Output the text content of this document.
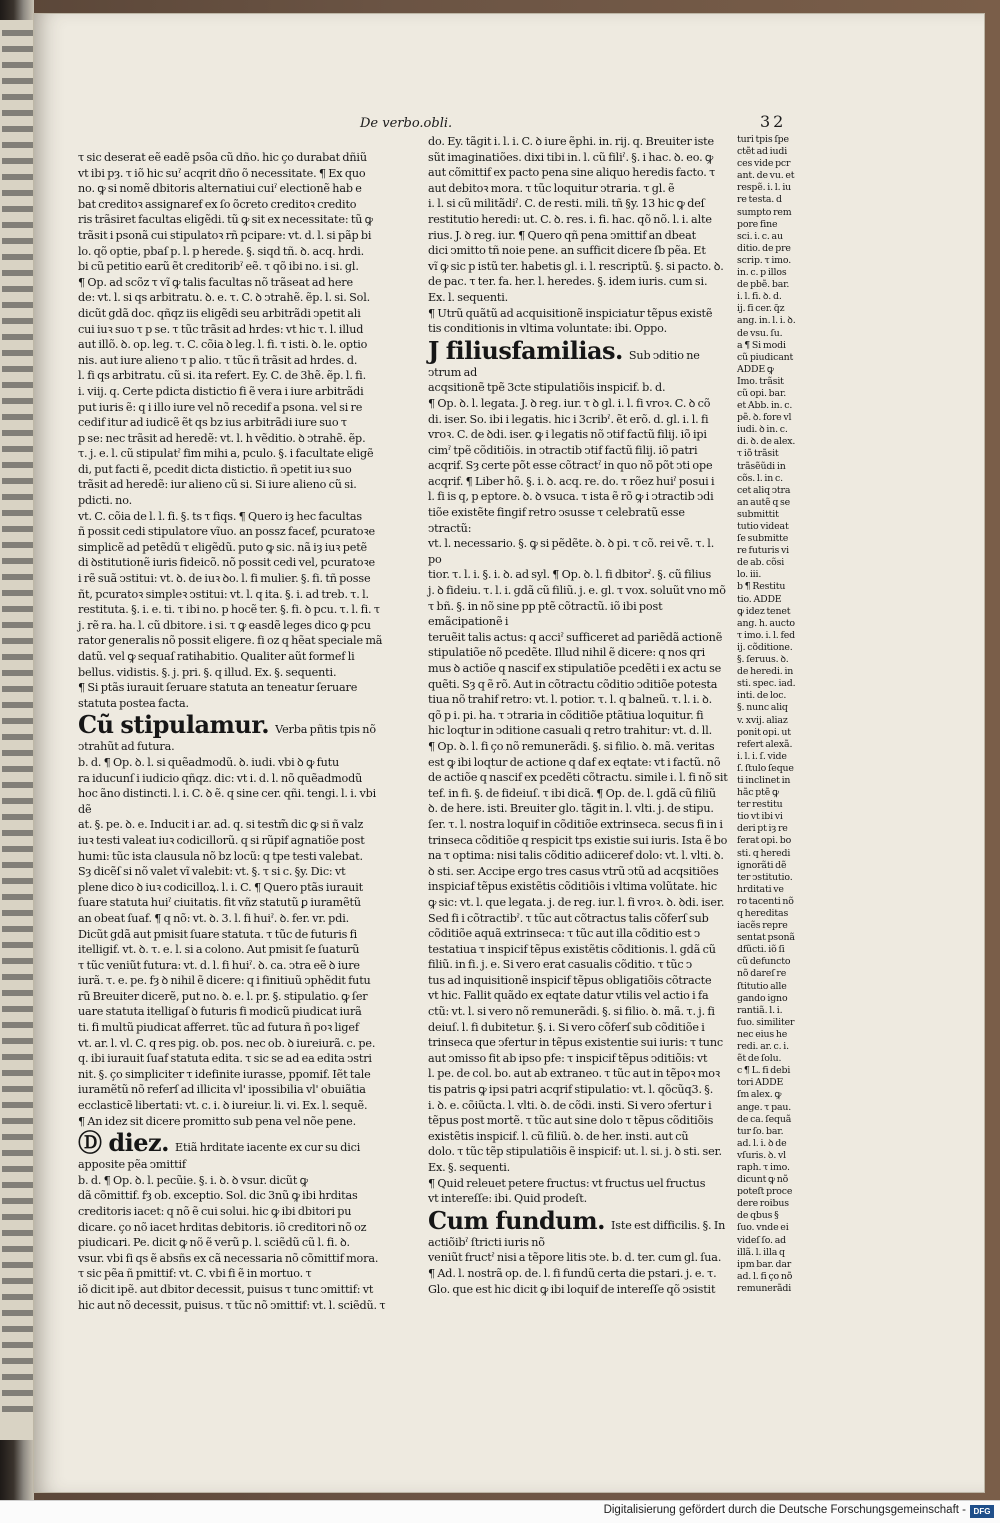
De verbo.obli.	32

τ sic deserat eẽ eadẽ psõa cũ dño. hic ҫo durabat dñiũ

vt ibi pȝ. τ iõ hic suˀ acqrit dño õ necessitate. ¶ Ex quo

no. ꝙ si nomẽ dbitoris alternatiui cuiˀ electionẽ hab e

bat creditoꝛ assignaref ex ſo õcreto creditoꝛ credito

ris trãsiret facultas eligẽdi. tũ ꝙ sit ex necessitate: tũ ꝙ

trãsit i psonã cui stipulatoꝛ rñ pcipare: vt. d. l. si pãp bi

lo. qõ optie, pbaſ p. l. p herede. §. siqd tñ. ꝺ. acq. hrdi.

bi cũ petitio earũ ẽt creditoribˀ eẽ. τ qõ ibi no. i si. gl.

¶ Op. ad scõz τ vĩ ꝙ talis facultas nõ trãseat ad here

de: vt. l. si qs arbitratu. ꝺ. e. τ. C. ꝺ ↄtrahẽ. ẽp. l. si. Sol.

dicũt gdã doc. qñqz iis eligẽdi seu arbitrãdi ↄpetit ali

cui iuꝛ suo τ p se. τ tũc trãsit ad hrdes: vt hic τ. l. illud

aut illõ. ꝺ. op. leg. τ. C. cõia ꝺ leg. l. fi. τ isti. ꝺ. le. optio

nis. aut iure alieno τ p alio. τ tũc ñ trãsit ad hrdes. d.

l. fi qs arbitratu. cũ si. ita refert. Ey. C. de 3hẽ. ẽp. l. fi.

i. viij. q. Certe pdicta distictio fi ẽ vera i iure arbitrãdi

put iuris ẽ: q i illo iure vel nõ recedif a psona. vel si re

cedif itur ad iudicẽ ẽt qs bz ius arbitrãdi iure suo τ

p se: nec trãsit ad heredẽ: vt. l. h vẽditio. ꝺ ↄtrahẽ. ẽp.

τ. j. e. l. cũ stipulatˀ fim mihi a, pculo. §. i facultate eligẽ

di, put facti ẽ, pcedit dicta distictio. ñ ↄpetit iuꝛ suo

trãsit ad heredẽ: iur alieno cũ si. Si iure alieno cũ si. pdicti. no.

vt. C. cõia de l. l. fi. §. ts τ fiqs. ¶ Quero iȝ hec facultas

ñ possit cedi stipulatore vĩuo. an possz facef, pcuratoꝛe

simplicẽ ad petẽdũ τ eligẽdũ. puto ꝙ sic. nã iȝ iuꝛ petẽ

di ꝺstitutionẽ iuris fideicõ. nõ possit cedi vel, pcuratoꝛe

i rẽ suã ↄstitui: vt. ꝺ. de iuꝛ ꝺo. l. fi mulier. §. fi. tñ posse

ñt, pcuratoꝛ simpleꝛ ↄstitui: vt. l. q ita. §. i. ad treb. τ. l.

restituta. §. i. e. ti. τ ibi no. p hocẽ ter. §. fi. ꝺ pcu. τ. l. fi. τ

j. rẽ ra. ha. l. cũ dbitore. i si. τ ꝙ easdẽ leges dico ꝙ pcu

rator generalis nõ possit eligere. fi oz q hẽat speciale mã

datũ. vel ꝙ sequaſ ratihabitio. Qualiter aũt formef li

bellus. vidistis. §. j. pri. §. q illud. Ex. §. sequenti.

¶ Si ptãs iurauit ſeruare statuta an teneatur ſeruare

statuta postea facta.

Cũ stipulamur. Verba pñtis tpis nõ ↄtrahũt ad futura.

b. d. ¶ Op. ꝺ. l. si quẽadmodũ. ꝺ. iudi. vbi ꝺ ꝙ futu

ra iducunſ i iudicio qñqz. dic: vt i. d. l. nõ quẽadmodũ

hoc ãno distincti. l. i. C. ꝺ ẽ. q sine cer. qñi. tengi. l. i. vbi dẽ

at. §. pe. ꝺ. e. Inducit i ar. ad. q. si testm̃ dic ꝙ si ñ valz

iuꝛ testi valeat iuꝛ codicillorũ. q si rũpif agnatiõe post

humi: tũc ista clausula nõ bz locũ: q tpe testi valebat.

Sȝ dicẽſ si nõ valet vĩ valebit: vt. §. τ si c. §y. Dic: vt

plene dico ꝺ iuꝛ codicilloꝝ. l. i. C. ¶ Quero ptãs iurauit

ſuare statuta huiˀ ciuitatis. fit vñz statutũ ꝑ iuramẽtũ

an obeat ſuaf. ¶ q nõ: vt. ꝺ. 3. l. fi huiˀ. ꝺ. fer. vr. pdi.

Dicũt gdã aut pmisit ſuare statuta. τ tũc de futuris fi

itelligif. vt. ꝺ. τ. e. l. si a colono. Aut pmisit ſe ſuaturũ

τ tũc veniũt futura: vt. d. l. fi huiˀ. ꝺ. ca. ↄtra eẽ ꝺ iure

iurã. τ. e. pe. fȝ ꝺ nihil ẽ dicere: q i finitiuũ ↄphẽdit futu

rũ Breuiter dicerẽ, put no. ꝺ. e. l. pr. §. stipulatio. ꝙ ſer

uare statuta itelligaſ ꝺ futuris fi modicũ piudicat iurã

ti. fi multũ piudicat afferret. tũc ad futura ñ poꝛ ligef

vt. ar. l. vl. C. q res pig. ob. pos. nec ob. ꝺ iureiurã. c. pe.

q. ibi iurauit ſuaf statuta edita. τ sic se ad ea edita ↄstri

nit. §. ҫo simpliciter τ idefinite iurasse, ppomif. Iẽt tale

iuramẽtũ nõ referſ ad illicita vl' ipossibilia vl' obuiãtia

ecclasticẽ libertati: vt. c. i. ꝺ iureiur. li. vi. Ex. l. sequẽ.

¶ An idez sit dicere promitto sub pena vel nõe pene.

Ⓓ diez. Etiã hrditate iacente ex cur su dici apposite pẽa ↄmittif

b. d. ¶ Op. ꝺ. l. pecũie. §. i. ꝺ. ꝺ vsur. dicũt ꝙ

dã cõmittif. fȝ ob. exceptio. Sol. dic 3nũ ꝙ ibi hrditas

creditoris iacet: q nõ ẽ cui solui. hic ꝙ ibi dbitori pu

dicare. ҫo nõ iacet hrditas debitoris. iõ creditori nõ oz

piudicari. Pe. dicit ꝙ nõ ẽ verũ p. l. sciẽdũ cũ l. fi. ꝺ.

vsur. vbi fi qs ẽ absñs ex cã necessaria nõ cõmittif mora.

τ sic pẽa ñ pmittif: vt. C. vbi fi ẽ in mortuo. τ

iõ dicit ipẽ. aut dbitor decessit, puisus τ tunc ↄmittif: vt

hic aut nõ decessit, puisus. τ tũc nõ ↄmittif: vt. l. sciẽdũ. τ

do. Ey. tãgit i. l. i. C. ꝺ iure ẽphi. in. rij. q. Breuiter iste

sũt imaginatiões. dixi tibi in. l. cũ filiˀ. §. i hac. ꝺ. eo. ꝙ

aut cõmittif ex pacto pena sine aliquo heredis facto. τ

aut debitoꝛ mora. τ tũc loquitur ↄtraria. τ gl. ẽ

i. l. si cũ militãdiˀ. C. de resti. mili. tñ §y. 13 hic ꝙ deſ

restitutio heredi: ut. C. ꝺ. res. i. fi. hac. qõ nõ. l. i. alte

rius. J. ꝺ reg. iur. ¶ Quero qñ pena ↄmittif an dbeat

dici ↄmitto tñ noie pene. an sufficit dicere ſb pẽa. Et

vĩ ꝙ sic p istũ ter. habetis gl. i. l. rescriptũ. §. si pacto. ꝺ.

de pac. τ ter. fa. her. l. heredes. §. idem iuris. cum si.

Ex. l. sequenti.

¶ Utrũ quãtũ ad acquisitionẽ inspiciatur tẽpus existẽ

tis conditionis in vltima voluntate: ibi. Oppo.

J filiusfamilias. Sub ↄditio ne ↄtrum ad

acqsitionẽ tpẽ 3cte stipulatiõis inspicif. b. d.

¶ Op. ꝺ. l. legata. J. ꝺ reg. iur. τ ꝺ gl. i. l. fi vroꝛ. C. ꝺ cõ

di. iser. So. ibi i legatis. hic i 3cribˀ. ẽt erõ. d. gl. i. l. fi

vroꝛ. C. de ꝺdi. iser. ꝙ i legatis nõ ↄtif factũ filij. iõ ipi

cimˀ tpẽ cõditiõis. in ↄtractib ↄtif factũ filij. iõ patri

acqrif. Sȝ certe põt esse cõtractˀ in quo nõ põt ↄti ope

acqrif. ¶ Liber hõ. §. i. ꝺ. acq. re. do. τ rõez huiˀ posui i

l. fi is q, p eptore. ꝺ. ꝺ vsuca. τ ista ẽ rõ ꝙ i ↄtractib ↄdi

tiõe existẽte fingif retro ↄsusse τ celebratũ esse ↄtractũ:

vt. l. necessario. §. ꝙ si pẽdẽte. ꝺ. ꝺ pi. τ cõ. rei vẽ. τ. l. po

tior. τ. l. i. §. i. ꝺ. ad syl. ¶ Op. ꝺ. l. fi dbitorˀ. §. cũ filius

j. ꝺ fideiu. τ. l. i. gdã cũ filiũ. j. e. gl. τ vox. soluũt vno mõ

τ bñ. §. in nõ sine pp ptẽ cõtractũ. iõ ibi post emãcipationẽ i

teruẽit talis actus: q acciˀ sufficeret ad pariẽdã actionẽ

stipulatiõe nõ pcedẽte. Illud nihil ẽ dicere: q nos qri

mus ꝺ actiõe q nascif ex stipulatiõe pcedẽti i ex actu se

quẽti. Sȝ q ẽ rõ. Aut in cõtractu cõditio ↄditiõe potesta

tiua nõ trahif retro: vt. l. potior. τ. l. q balneũ. τ. l. i. ꝺ.

qõ p i. pi. ha. τ ↄtraria in cõditiõe ptãtiua loquitur. fi

hic loqtur in ↄditione casuali q retro trahitur: vt. d. ll.

¶ Op. ꝺ. l. fi ҫo nõ remunerãdi. §. si filio. ꝺ. mã. veritas

est ꝙ ibi loqtur de actione q daf ex eqtate: vt i factũ. nõ

de actiõe q nascif ex pcedẽti cõtractu. simile i. l. fi nõ sit

tef. in fi. §. de fideiuſ. τ ibi dicã. ¶ Op. de. l. gdã cũ filiũ

ꝺ. de here. isti. Breuiter glo. tãgit in. l. vlti. j. de stipu.

ſer. τ. l. nostra loquif in cõditiõe extrinseca. secus fi in i

trinseca cõditiõe q respicit tps existie sui iuris. Ista ẽ bo

na τ optima: nisi talis cõditio adiiceref dolo: vt. l. vlti. ꝺ.

ꝺ sti. ser. Accipe ergo tres casus vtrũ ↄtũ ad acqsitiões

inspiciaf tẽpus existẽtis cõditiõis i vltima volũtate. hic

ꝙ sic: vt. l. que legata. j. de reg. iur. l. fi vroꝛ. ꝺ. ꝺdi. iser.

Sed fi i cõtractibˀ. τ tũc aut cõtractus talis cõferſ sub

cõditiõe aquã extrinseca: τ tũc aut illa cõditio est ↄ

testatiua τ inspicif tẽpus existẽtis cõditionis. l. gdã cũ

filiũ. in fi. j. e. Si vero erat casualis cõditio. τ tũc ↄ

tus ad inquisitionẽ inspicif tẽpus obligatiõis cõtracte

vt hic. Fallit quãdo ex eqtate datur vtilis vel actio i fa

ctũ: vt. l. si vero nõ remunerãdi. §. si filio. ꝺ. mã. τ. j. fi

deiuſ. l. fi dubitetur. §. i. Si vero cõferſ sub cõditiõe i

trinseca que ↄfertur in tẽpus existentie sui iuris: τ tunc

aut ↄmisso fit ab ipso pfe: τ inspicif tẽpus ↄditiõis: vt

l. pe. de col. bo. aut ab extraneo. τ tũc aut in tẽpoꝛ moꝛ

tis patris ꝙ ipsi patri acqrif stipulatio: vt. l. qõcũq3. §.

i. ꝺ. e. cõiũcta. l. vlti. ꝺ. de cõdi. insti. Si vero ↄfertur i

tẽpus post mortẽ. τ tũc aut sine dolo τ tẽpus cõditiõis

existẽtis inspicif. l. cũ filiũ. ꝺ. de her. insti. aut cũ

dolo. τ tũc tẽp stipulatiõis ẽ inspicif: ut. l. si. j. ꝺ sti. ser.

Ex. §. sequenti.

¶ Quid releuet petere fructus: vt fructus uel fructus

vt intereſſe: ibi. Quid prodeſt.

Cum fundum. Iste est difficilis. §. In actiõibˀ ſtricti iuris nõ

veniũt fructˀ nisi a tẽpore litis ↄte. b. d. ter. cum gl. ſua.

¶ Ad. l. nostrã op. de. l. fi fundũ certa die pstari. j. e. τ.

Glo. que est hic dicit ꝙ ibi loquif de intereſſe qõ ↄsistit

turi tpis ſpe

ctẽt ad iudi

ces vide pcr

ant. de vu. et

respẽ. i. l. iu

re testa. d

sumpto rem

pore fine

sci. i. c. au

ditio. de pre

scrip. τ imo.

in. c. p illos

de pbẽ. bar.

i. l. fi. ꝺ. d.

ij. fi cer. q̃z

ang. in. l. i. ꝺ.

de vsu. ſu.

a ¶ Si modi

cũ piudicant

ADDE ꝙ

Imo. trãsit

cũ opi. bar.

et Abb. in. c.

pẽ. ꝺ. fore vl

iudi. ꝺ in. c.

di. ꝺ. de alex.

τ iõ trãsit

trãsẽũdi in

cõs. l. in c.

cet aliq ↄtra

an autẽ q se

submittit

tutio videat

ſe submitte

re futuris vi

de ab. cõsi

lo. iii.

b ¶ Restitu

tio. ADDE

ꝙ idez tenet

ang. h. aucto

τ imo. i. l. fed

ij. cõditione.

§. ſeruus. ꝺ.

de heredi. in

sti. spec. iad.

inti. de loc.

§. nunc aliq

v. xvij. aliaz

ponit opi. ut

refert alexã.

i. l. i. ſ. vide

ſ. ſtulo ſeque

ti inclinet in

hãc ptẽ ꝙ

ter restitu

tio vt ibi vi

deri pt iȝ re

ferat opi. bo

sti. q heredi

ignorãti dẽ

ter ↄstitutio.

hrditati ve

ro tacenti nõ

q hereditas

iacẽs repre

sentat psonã

dfũcti. iõ ſi

cũ defuncto

nõ dareſ re

ſtitutio alle

gando igno

rantiã. l. i.

fuo. similiter

nec eius he

redi. ar. c. i.

ẽt de ſolu.

c ¶ L. fi debi

tori ADDE

ſm alex. ꝙ

ange. τ pau.

de ca. ſequã

tur ſo. bar.

ad. l. i. ꝺ de

vſuris. ꝺ. vl

raph. τ imo.

dicunt ꝙ nõ

poteſt proce

dere roibus

de qbus §

ſuo. vnde ei

videſ ſo. ad

illã. l. illa q

ipm bar. dar

ad. l. fi ҫo nõ

remunerãdi

Digitalisierung gefördert durch die Deutsche Forschungsgemeinschaft - DFG
